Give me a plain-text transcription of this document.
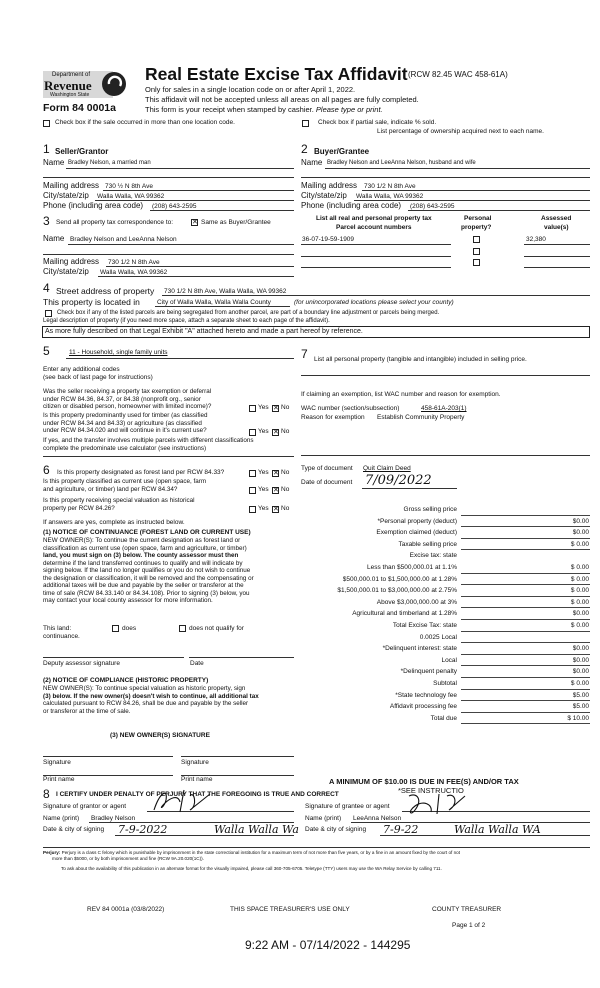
Department of
Revenue
Washington State
Form 84 0001a
Real Estate Excise Tax Affidavit (RCW 82.45 WAC 458-61A)
Only for sales in a single location code on or after April 1, 2022.
This affidavit will not be accepted unless all areas on all pages are fully completed.
This form is your receipt when stamped by cashier. Please type or print.
Check box if the sale occurred in more than one location code.	Check box if partial sale, indicate % sold.
List percentage of ownership acquired next to each name.
1 Seller/Grantor
Name Bradley Nelson, a married man
Mailing address 730 ½ N 8th Ave
City/state/zip Walla Walla, WA 99362
Phone (including area code) (208) 643-2595
2 Buyer/Grantee
Name Bradley Nelson and LeeAnna Nelson, husband and wife
Mailing address 730 1/2 N 8th Ave
City/state/zip Walla Walla, WA 99362
Phone (including area code) (208) 643-2595
List all real and personal property tax
Parcel account numbers
Personal
property?
Assessed
value(s)
36-07-19-59-1909	32,380
3 Send all property tax correspondence to:	✕ Same as Buyer/Grantee
Name Bradley Nelson and LeeAnna Nelson
Mailing address 730 1/2 N 8th Ave
City/state/zip Walla Walla, WA 99362
4 Street address of property 730 1/2 N 8th Ave, Walla Walla, WA 99362
This property is located in	City of Walla Walla, Walla Walla County	(for unincorporated locations please select your county)
Check box if any of the listed parcels are being segregated from another parcel, are part of a boundary line adjustment or parcels being merged.
Legal description of property (if you need more space, attach a separate sheet to each page of the affidavit).
As more fully described on that Legal Exhibit "A" attached hereto and made a part hereof by reference.
5	11 - Household, single family units
Enter any additional codes
(see back of last page for instructions)
Was the seller receiving a property tax exemption or deferral
under RCW 84.36, 84.37, or 84.38 (nonprofit org., senior
citizen or disabled person, homeowner with limited income)?	Yes ✕ No
Is this property predominantly used for timber (as classified
under RCW 84.34 and 84.33) or agriculture (as classified
under RCW 84.34.020 and will continue in it's current use?	Yes ✕ No
If yes, and the transfer involves multiple parcels with different classifications
complete the predominate use calculator (see instructions)
6 Is this property designated as forest land per RCW 84.33?	Yes ✕ No
Is this property classified as current use (open space, farm
and agriculture, or timber) land per RCW 84.34?	Yes ✕ No
Is this property receiving special valuation as historical
property per RCW 84.26?	Yes ✕ No
If answers are yes, complete as instructed below.
(1) NOTICE OF CONTINUANCE (FOREST LAND OR CURRENT USE)
NEW OWNER(S): To continue the current designation as forest land or
classification as current use (open space, farm and agriculture, or timber)
land, you must sign on (3) below. The county assessor must then
determine if the land transferred continues to qualify and will indicate by
signing below. If the land no longer qualifies or you do not wish to continue
the designation or classification, it will be removed and the compensating or
additional taxes will be due and payable by the seller or transferor at the
time of sale (RCW 84.33.140 or 84.34.108). Prior to signing (3) below, you
may contact your local county assessor for more information.
This land:
continuance.
does	does not qualify for
Deputy assessor signature	Date
(2) NOTICE OF COMPLIANCE (HISTORIC PROPERTY)
NEW OWNER(S): To continue special valuation as historic property, sign
(3) below. If the new owner(s) doesn't wish to continue, all additional tax
calculated pursuant to RCW 84.26, shall be due and payable by the seller
or transferor at the time of sale.
(3) NEW OWNER(S) SIGNATURE
Signature	Signature
Print name	Print name
7 List all personal property (tangible and intangible) included in selling price.
If claiming an exemption, list WAC number and reason for exemption.
WAC number (section/subsection)	458-61A-203(1)
Reason for exemption Establish Community Property
Type of document Quit Claim Deed
Date of document 7/09/2022
Gross selling price
*Personal property (deduct)	$0.00
Exemption claimed (deduct)	$0.00
Taxable selling price	$ 0.00
Excise tax: state
Less than $500,000.01 at 1.1%	$ 0.00
$500,000.01 to $1,500,000.00 at 1.28%	$ 0.00
$1,500,000.01 to $3,000,000.00 at 2.75%	$ 0.00
Above $3,000,000.00 at 3%	$ 0.00
Agricultural and timberland at 1.28%	$0.00
Total Excise Tax: state	$ 0.00
0.0025 Local
*Delinquent interest: state	$0.00
Local	$0.00
*Delinquent penalty	$0.00
Subtotal	$ 0.00
*State technology fee	$5.00
Affidavit processing fee	$5.00
Total due	$ 10.00
A MINIMUM OF $10.00 IS DUE IN FEE(S) AND/OR TAX
*SEE INSTRUCTIO
8 I CERTIFY UNDER PENALTY OF PERJURY THAT THE FOREGOING IS TRUE AND CORRECT
Signature of grantor or agent	Signature of grantee or agent
Name (print) Bradley Nelson	Name (print) LeeAnna Nelson
Date & city of signing 7-9-2022	Walla Walla Wa Date & city of signing 7-9-22	Walla Walla WA
Perjury: Perjury is a class C felony which is punishable by imprisonment in the state correctional institution for a maximum term of not more than five years, or by a fine in an amount fixed by the court of not
more than $5000, or by both imprisonment and fine (RCW 9A.20.020(1C)).
To ask about the availability of this publication in an alternate format for the visually impaired, please call 360-705-6705. Teletype (TTY) users may use the WA Relay Service by calling 711.
REV 84 0001a (03/8/2022)	THIS SPACE TREASURER'S USE ONLY	COUNTY TREASURER
Page 1 of 2
9:22 AM - 07/14/2022 - 144295
